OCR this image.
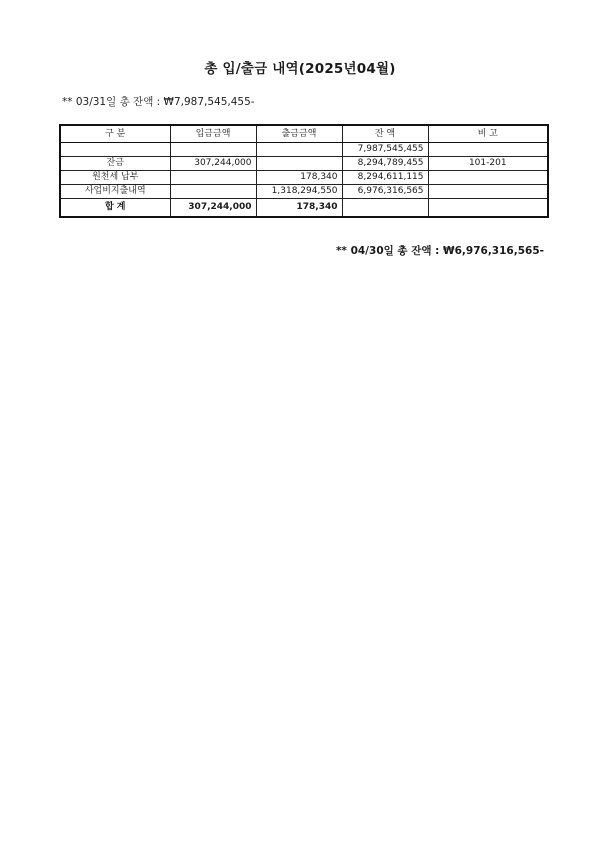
총 입/출금 내역(2025년04월)
** 03/31일 총 잔액 : ₩7,987,545,455-
구 분	입금금액	출금금액	잔 액	비 고
			7,987,545,455	
잔금	307,244,000		8,294,789,455	101-201
원천세 납부		178,340	8,294,611,115	
사업비지출내역		1,318,294,550	6,976,316,565	
합 계	307,244,000	178,340		
** 04/30일 총 잔액 : ₩6,976,316,565-
